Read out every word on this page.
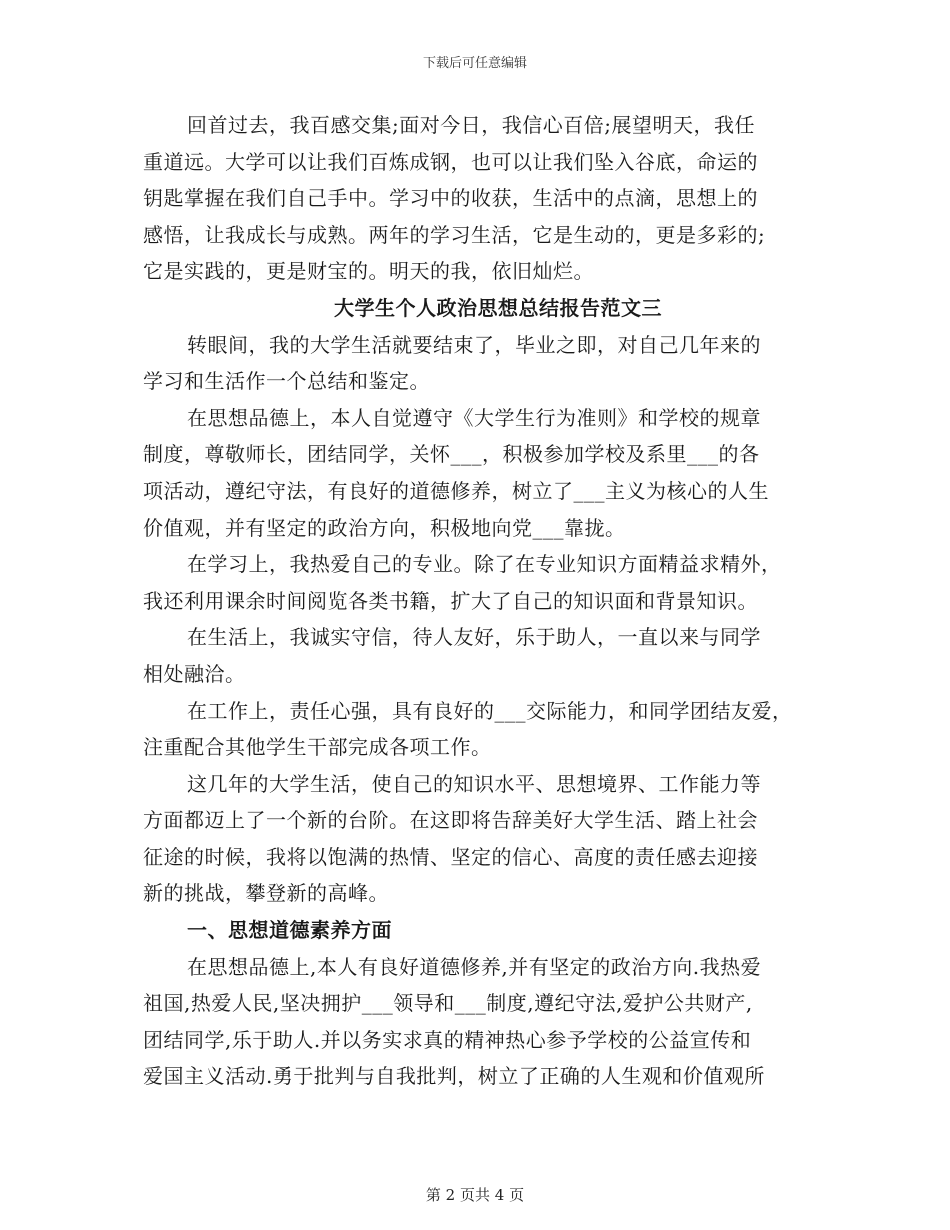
下载后可任意编辑
回首过去，我百感交集;面对今日，我信心百倍;展望明天，我任
重道远。大学可以让我们百炼成钢，也可以让我们坠入谷底，命运的
钥匙掌握在我们自己手中。学习中的收获，生活中的点滴，思想上的
感悟，让我成长与成熟。两年的学习生活，它是生动的，更是多彩的;
它是实践的，更是财宝的。明天的我，依旧灿烂。
大学生个人政治思想总结报告范文三
转眼间，我的大学生活就要结束了，毕业之即，对自己几年来的
学习和生活作一个总结和鉴定。
在思想品德上，本人自觉遵守《大学生行为准则》和学校的规章
制度，尊敬师长，团结同学，关怀___，积极参加学校及系里___的各
项活动，遵纪守法，有良好的道德修养，树立了___主义为核心的人生
价值观，并有坚定的政治方向，积极地向党___靠拢。
在学习上，我热爱自己的专业。除了在专业知识方面精益求精外，
我还利用课余时间阅览各类书籍，扩大了自己的知识面和背景知识。
在生活上，我诚实守信，待人友好，乐于助人，一直以来与同学
相处融洽。
在工作上，责任心强，具有良好的___交际能力，和同学团结友爱，
注重配合其他学生干部完成各项工作。
这几年的大学生活，使自己的知识水平、思想境界、工作能力等
方面都迈上了一个新的台阶。在这即将告辞美好大学生活、踏上社会
征途的时候，我将以饱满的热情、坚定的信心、高度的责任感去迎接
新的挑战，攀登新的高峰。
一、思想道德素养方面
在思想品德上,本人有良好道德修养,并有坚定的政治方向.我热爱
祖国,热爱人民,坚决拥护___领导和___制度,遵纪守法,爱护公共财产,
团结同学,乐于助人.并以务实求真的精神热心参予学校的公益宣传和
爱国主义活动.勇于批判与自我批判，树立了正确的人生观和价值观所
第 2 页共 4 页
